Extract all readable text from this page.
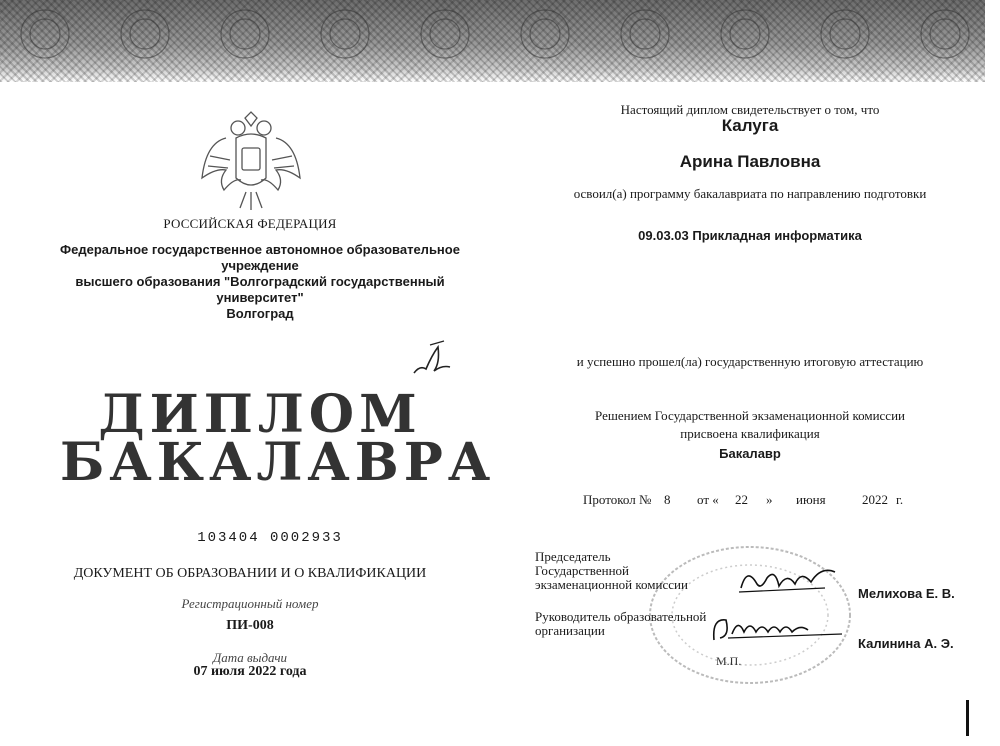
РОССИЙСКАЯ ФЕДЕРАЦИЯ
Федеральное государственное автономное образовательное учреждение
высшего образования "Волгоградский государственный университет"
Волгоград
ДИПЛОМ
БАКАЛАВРА
103404 0002933
ДОКУМЕНТ ОБ ОБРАЗОВАНИИ И О КВАЛИФИКАЦИИ
Регистрационный номер
ПИ-008
Дата выдачи
07 июля 2022 года
Настоящий диплом свидетельствует о том, что
Калуга
Арина Павловна
освоил(а) программу бакалавриата по направлению подготовки
09.03.03 Прикладная информатика
и успешно прошел(ла) государственную итоговую аттестацию
Решением Государственной экзаменационной комиссии
присвоена квалификация
Бакалавр
Протокол № 8 от « 22 » июня	2022 г.
Председатель
Государственной
экзаменационной комиссии
Мелихова Е. В.
Руководитель образовательной
организации
Калинина А. Э.
М.П.
